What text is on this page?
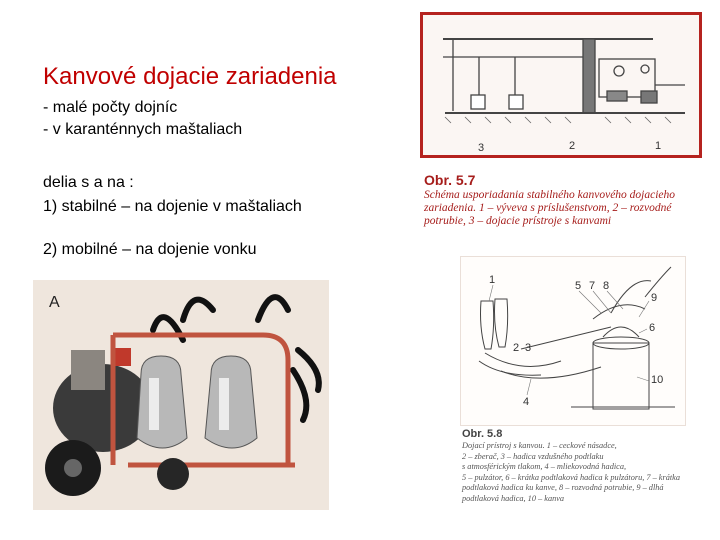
Kanvové dojacie zariadenia
- malé počty dojníc
- v karanténnych maštaliach
delia s a na :
1) stabilné – na dojenie v maštaliach
2) mobilné – na dojenie vonku
3	2	1
Obr. 5.7
Schéma usporiadania stabilného kanvového dojacieho zariadenia. 1 – výveva s príslušenstvom, 2 – rozvodné potrubie, 3 – dojacie prístroje s kanvami
A
1	5 7 8
9
6
2 3
10
4
Obr. 5.8
Dojací prístroj s kanvou. 1 – ceckové násadce,
2 – zberač, 3 – hadica vzdušného podtlaku
s atmosférickým tlakom, 4 – mliekovodná hadica,
5 – pulzátor, 6 – krátka podtlaková hadica k pulzátoru, 7 – krátka podtlaková hadica ku kanve, 8 – rozvodná potrubie, 9 – dlhá podtlaková hadica, 10 – kanva
